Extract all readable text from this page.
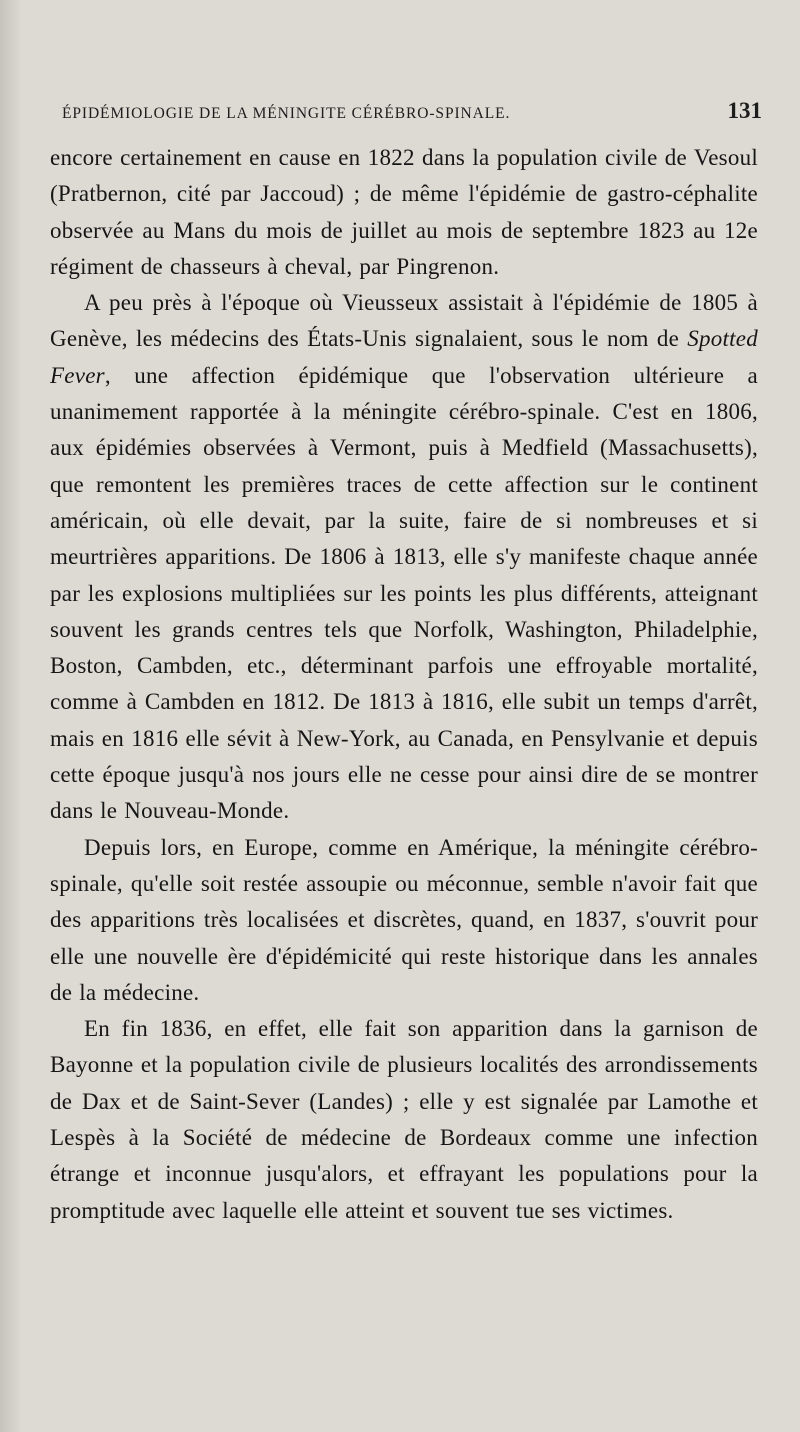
ÉPIDÉMIOLOGIE DE LA MÉNINGITE CÉRÉBRO-SPINALE.	131

encore certainement en cause en 1822 dans la population civile de Vesoul (Pratbernon, cité par Jaccoud) ; de même l'épidémie de gastro-céphalite observée au Mans du mois de juillet au mois de septembre 1823 au 12e régiment de chasseurs à cheval, par Pingrenon.

A peu près à l'époque où Vieusseux assistait à l'épidémie de 1805 à Genève, les médecins des États-Unis signalaient, sous le nom de Spotted Fever, une affection épidémique que l'observation ultérieure a unanimement rapportée à la méningite cérébro-spinale. C'est en 1806, aux épidémies observées à Vermont, puis à Medfield (Massachusetts), que remontent les premières traces de cette affection sur le continent américain, où elle devait, par la suite, faire de si nombreuses et si meurtrières apparitions. De 1806 à 1813, elle s'y manifeste chaque année par les explosions multipliées sur les points les plus différents, atteignant souvent les grands centres tels que Norfolk, Washington, Philadelphie, Boston, Cambden, etc., déterminant parfois une effroyable mortalité, comme à Cambden en 1812. De 1813 à 1816, elle subit un temps d'arrêt, mais en 1816 elle sévit à New-York, au Canada, en Pensylvanie et depuis cette époque jusqu'à nos jours elle ne cesse pour ainsi dire de se montrer dans le Nouveau-Monde.

Depuis lors, en Europe, comme en Amérique, la méningite cérébro-spinale, qu'elle soit restée assoupie ou méconnue, semble n'avoir fait que des apparitions très localisées et discrètes, quand, en 1837, s'ouvrit pour elle une nouvelle ère d'épidémicité qui reste historique dans les annales de la médecine.

En fin 1836, en effet, elle fait son apparition dans la garnison de Bayonne et la population civile de plusieurs localités des arrondissements de Dax et de Saint-Sever (Landes) ; elle y est signalée par Lamothe et Lespès à la Société de médecine de Bordeaux comme une infection étrange et inconnue jusqu'alors, et effrayant les populations pour la promptitude avec laquelle elle atteint et souvent tue ses victimes.
